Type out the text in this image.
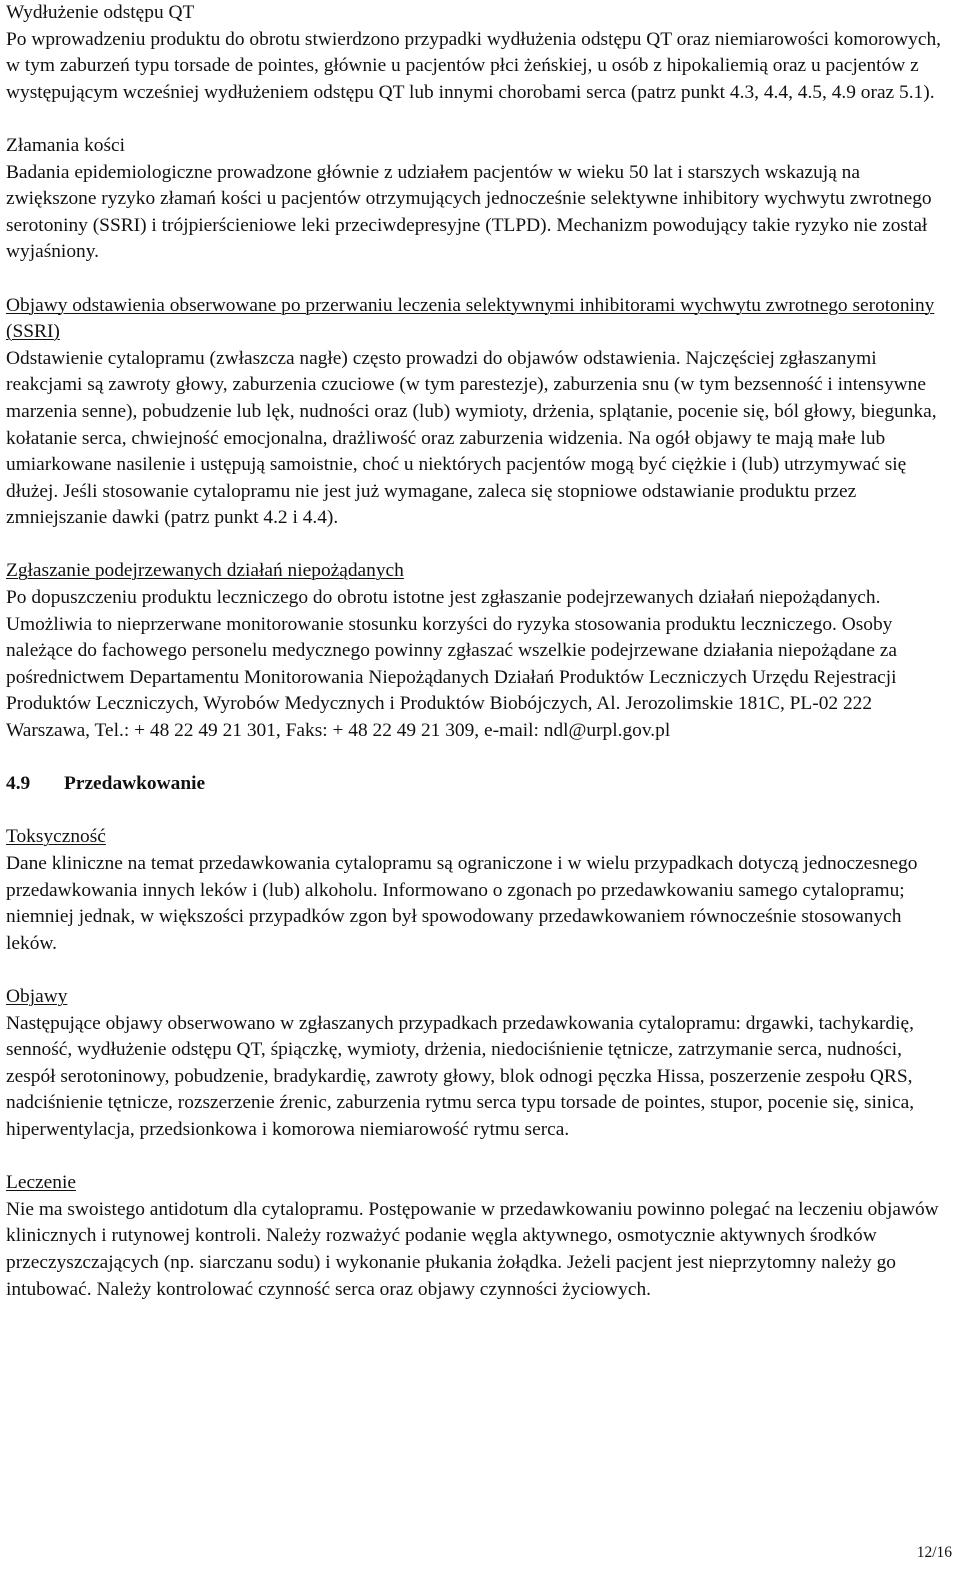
Wydłużenie odstępu QT
Po wprowadzeniu produktu do obrotu stwierdzono przypadki wydłużenia odstępu QT oraz niemiarowości komorowych, w tym zaburzeń typu torsade de pointes, głównie u pacjentów płci żeńskiej, u osób z hipokaliemią oraz u pacjentów z występującym wcześniej wydłużeniem odstępu QT lub innymi chorobami serca (patrz punkt 4.3, 4.4, 4.5, 4.9 oraz 5.1).
Złamania kości
Badania epidemiologiczne prowadzone głównie z udziałem pacjentów w wieku 50 lat i starszych wskazują na zwiększone ryzyko złamań kości u pacjentów otrzymujących jednocześnie selektywne inhibitory wychwytu zwrotnego serotoniny (SSRI) i trójpierścieniowe leki przeciwdepresyjne (TLPD). Mechanizm powodujący takie ryzyko nie został wyjaśniony.
Objawy odstawienia obserwowane po przerwaniu leczenia selektywnymi inhibitorami wychwytu zwrotnego serotoniny (SSRI)
Odstawienie cytalopramu (zwłaszcza nagłe) często prowadzi do objawów odstawienia. Najczęściej zgłaszanymi reakcjami są zawroty głowy, zaburzenia czuciowe (w tym parestezje), zaburzenia snu (w tym bezsenność i intensywne marzenia senne), pobudzenie lub lęk, nudności oraz (lub) wymioty, drżenia, splątanie, pocenie się, ból głowy, biegunka, kołatanie serca, chwiejność emocjonalna, drażliwość oraz zaburzenia widzenia. Na ogół objawy te mają małe lub umiarkowane nasilenie i ustępują samoistnie, choć u niektórych pacjentów mogą być ciężkie i (lub) utrzymywać się dłużej. Jeśli stosowanie cytalopramu nie jest już wymagane, zaleca się stopniowe odstawianie produktu przez zmniejszanie dawki (patrz punkt 4.2 i 4.4).
Zgłaszanie podejrzewanych działań niepożądanych
Po dopuszczeniu produktu leczniczego do obrotu istotne jest zgłaszanie podejrzewanych działań niepożądanych. Umożliwia to nieprzerwane monitorowanie stosunku korzyści do ryzyka stosowania produktu leczniczego. Osoby należące do fachowego personelu medycznego powinny zgłaszać wszelkie podejrzewane działania niepożądane za pośrednictwem Departamentu Monitorowania Niepożądanych Działań Produktów Leczniczych Urzędu Rejestracji Produktów Leczniczych, Wyrobów Medycznych i Produktów Biobójczych, Al. Jerozolimskie 181C, PL-02 222 Warszawa, Tel.: + 48 22 49 21 301, Faks: + 48 22 49 21 309, e-mail: ndl@urpl.gov.pl
4.9	Przedawkowanie
Toksyczność
Dane kliniczne na temat przedawkowania cytalopramu są ograniczone i w wielu przypadkach dotyczą jednoczesnego przedawkowania innych leków i (lub) alkoholu. Informowano o zgonach po przedawkowaniu samego cytalopramu; niemniej jednak, w większości przypadków zgon był spowodowany przedawkowaniem równocześnie stosowanych leków.
Objawy
Następujące objawy obserwowano w zgłaszanych przypadkach przedawkowania cytalopramu: drgawki, tachykardię, senność, wydłużenie odstępu QT, śpiączkę, wymioty, drżenia, niedociśnienie tętnicze, zatrzymanie serca, nudności, zespół serotoninowy, pobudzenie, bradykardię, zawroty głowy, blok odnogi pęczka Hissa, poszerzenie zespołu QRS, nadciśnienie tętnicze, rozszerzenie źrenic, zaburzenia rytmu serca typu torsade de pointes, stupor, pocenie się, sinica, hiperwentylacja, przedsionkowa i komorowa niemiarowość rytmu serca.
Leczenie
Nie ma swoistego antidotum dla cytalopramu. Postępowanie w przedawkowaniu powinno polegać na leczeniu objawów klinicznych i rutynowej kontroli. Należy rozważyć podanie węgla aktywnego, osmotycznie aktywnych środków przeczyszczających (np. siarczanu sodu) i wykonanie płukania żołądka. Jeżeli pacjent jest nieprzytomny należy go intubować. Należy kontrolować czynność serca oraz objawy czynności życiowych.
12/16
